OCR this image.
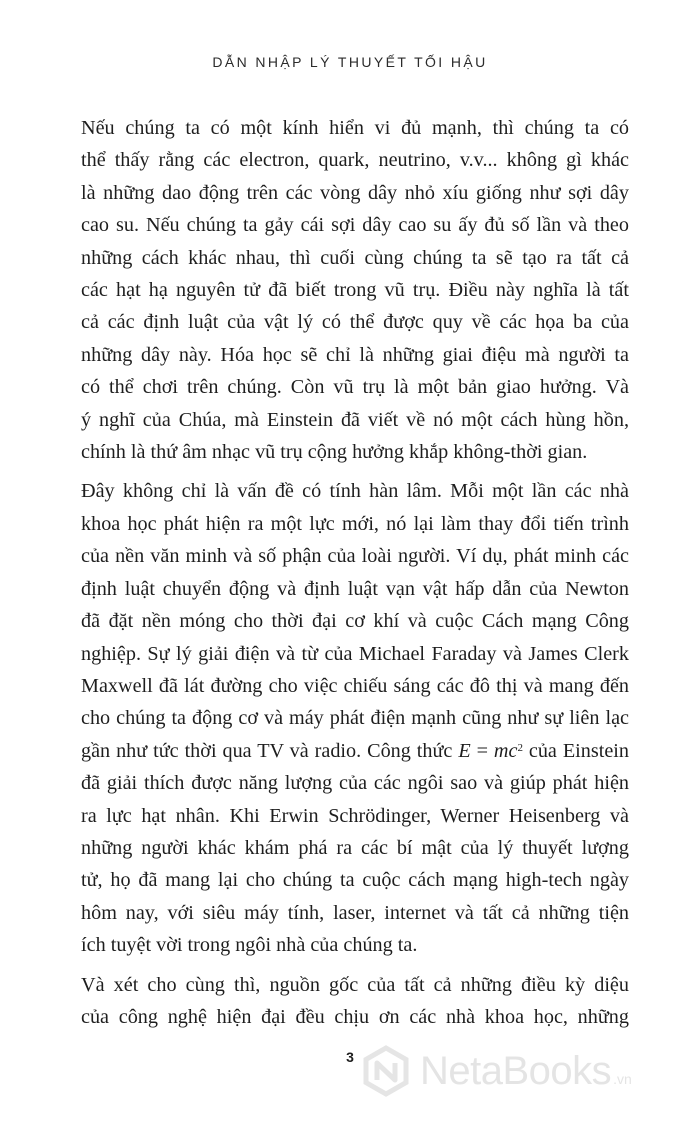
DẪN NHẬP LÝ THUYẾT TỐI HẬU

Nếu chúng ta có một kính hiển vi đủ mạnh, thì chúng ta có
thể thấy rằng các electron, quark, neutrino, v.v... không gì khác
là những dao động trên các vòng dây nhỏ xíu giống như sợi dây
cao su. Nếu chúng ta gảy cái sợi dây cao su ấy đủ số lần và theo
những cách khác nhau, thì cuối cùng chúng ta sẽ tạo ra tất cả
các hạt hạ nguyên tử đã biết trong vũ trụ. Điều này nghĩa là tất
cả các định luật của vật lý có thể được quy về các họa ba của
những dây này. Hóa học sẽ chỉ là những giai điệu mà người ta
có thể chơi trên chúng. Còn vũ trụ là một bản giao hưởng. Và
ý nghĩ của Chúa, mà Einstein đã viết về nó một cách hùng hồn,
chính là thứ âm nhạc vũ trụ cộng hưởng khắp không-thời gian.

Đây không chỉ là vấn đề có tính hàn lâm. Mỗi một lần các nhà
khoa học phát hiện ra một lực mới, nó lại làm thay đổi tiến trình
của nền văn minh và số phận của loài người. Ví dụ, phát minh các
định luật chuyển động và định luật vạn vật hấp dẫn của Newton
đã đặt nền móng cho thời đại cơ khí và cuộc Cách mạng Công
nghiệp. Sự lý giải điện và từ của Michael Faraday và James Clerk
Maxwell đã lát đường cho việc chiếu sáng các đô thị và mang đến
cho chúng ta động cơ và máy phát điện mạnh cũng như sự liên lạc
gần như tức thời qua TV và radio. Công thức $E = mc^2$ của Einstein
đã giải thích được năng lượng của các ngôi sao và giúp phát hiện
ra lực hạt nhân. Khi Erwin Schrödinger, Werner Heisenberg và
những người khác khám phá ra các bí mật của lý thuyết lượng
tử, họ đã mang lại cho chúng ta cuộc cách mạng high-tech ngày
hôm nay, với siêu máy tính, laser, internet và tất cả những tiện
ích tuyệt vời trong ngôi nhà của chúng ta.

Và xét cho cùng thì, nguồn gốc của tất cả những điều kỳ diệu
của công nghệ hiện đại đều chịu ơn các nhà khoa học, những

3	NetaBooks .vn
